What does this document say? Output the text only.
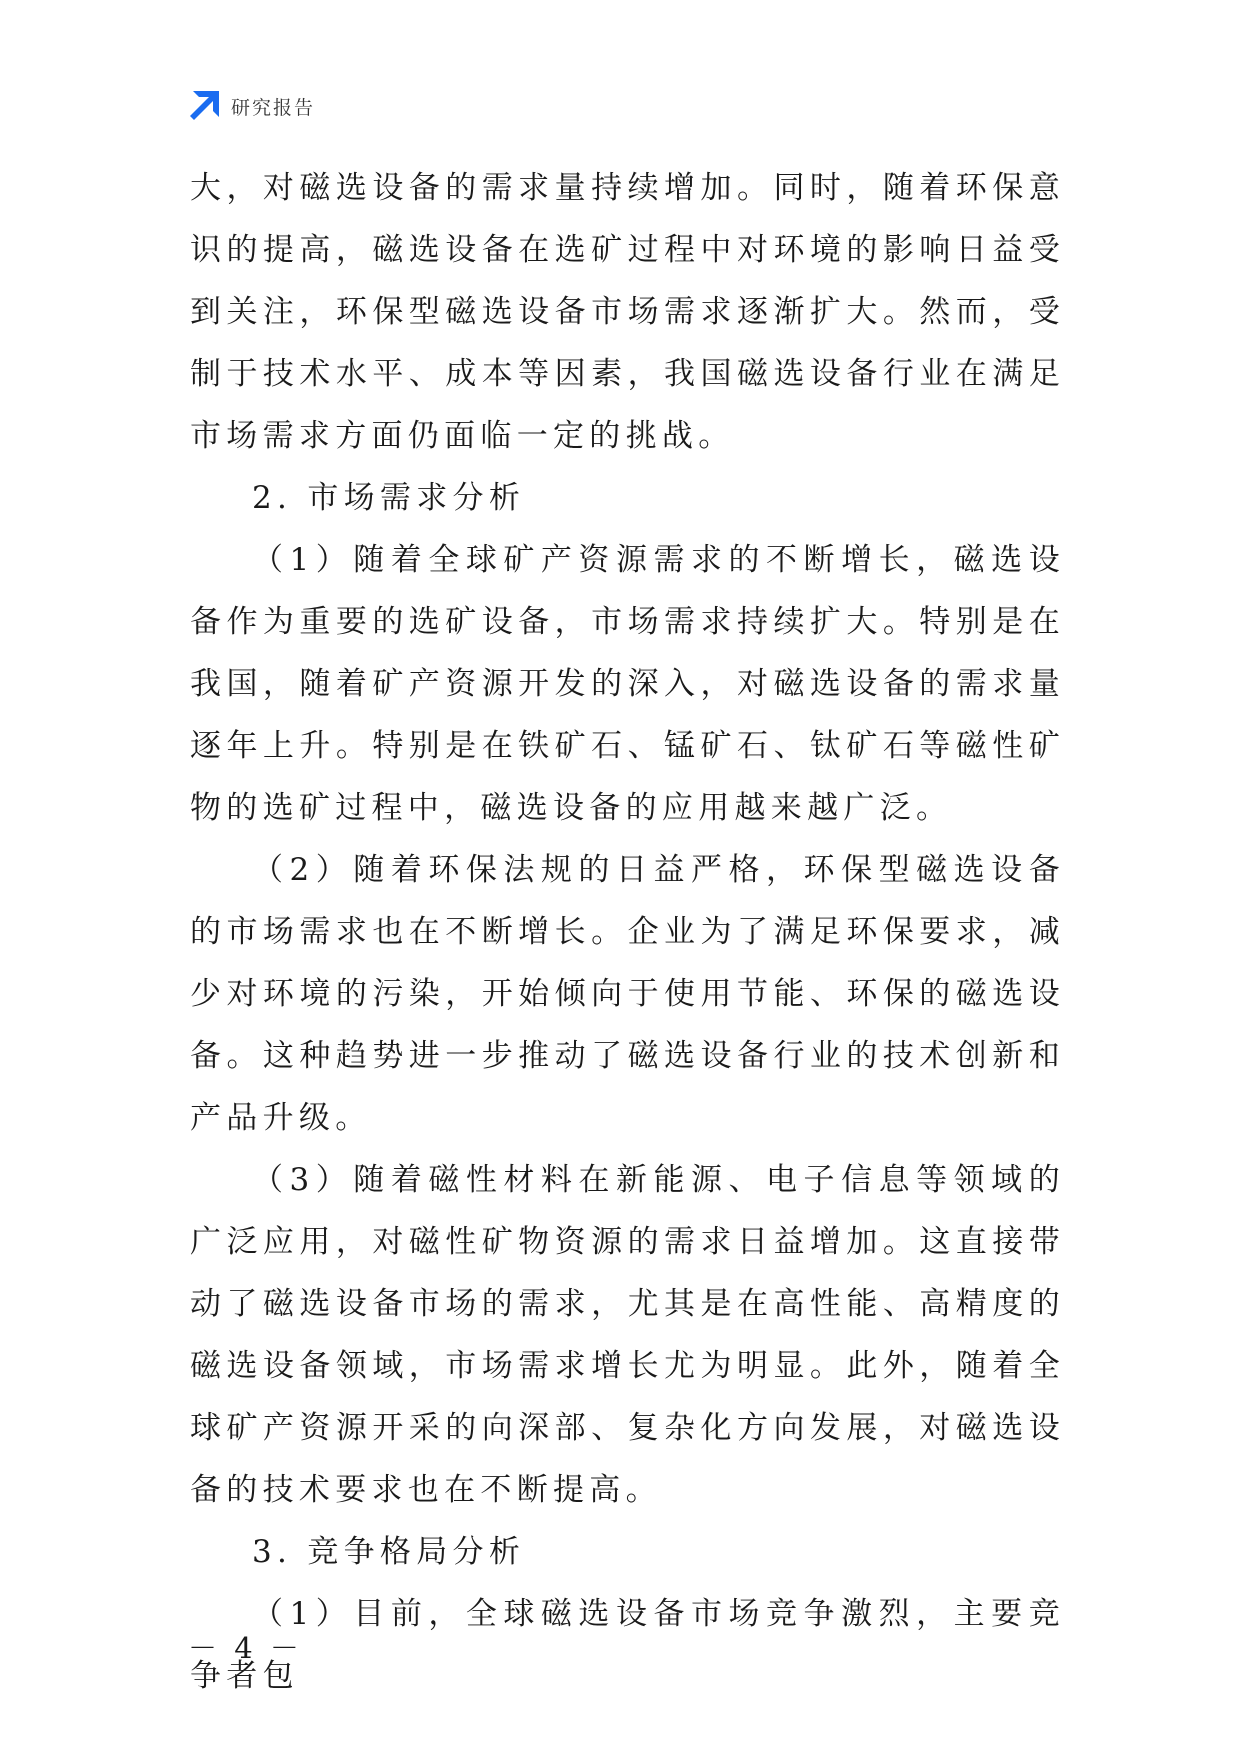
研究报告

大，对磁选设备的需求量持续增加。同时，随着环保意识的提高，磁选设备在选矿过程中对环境的影响日益受到关注，环保型磁选设备市场需求逐渐扩大。然而，受制于技术水平、成本等因素，我国磁选设备行业在满足市场需求方面仍面临一定的挑战。

2. 市场需求分析

（1）随着全球矿产资源需求的不断增长，磁选设备作为重要的选矿设备，市场需求持续扩大。特别是在我国，随着矿产资源开发的深入，对磁选设备的需求量逐年上升。特别是在铁矿石、锰矿石、钛矿石等磁性矿物的选矿过程中，磁选设备的应用越来越广泛。

（2）随着环保法规的日益严格，环保型磁选设备的市场需求也在不断增长。企业为了满足环保要求，减少对环境的污染，开始倾向于使用节能、环保的磁选设备。这种趋势进一步推动了磁选设备行业的技术创新和产品升级。

（3）随着磁性材料在新能源、电子信息等领域的广泛应用，对磁性矿物资源的需求日益增加。这直接带动了磁选设备市场的需求，尤其是在高性能、高精度的磁选设备领域，市场需求增长尤为明显。此外，随着全球矿产资源开采的向深部、复杂化方向发展，对磁选设备的技术要求也在不断提高。

3. 竞争格局分析

（1）目前，全球磁选设备市场竞争激烈，主要竞争者包

－ 4 －
